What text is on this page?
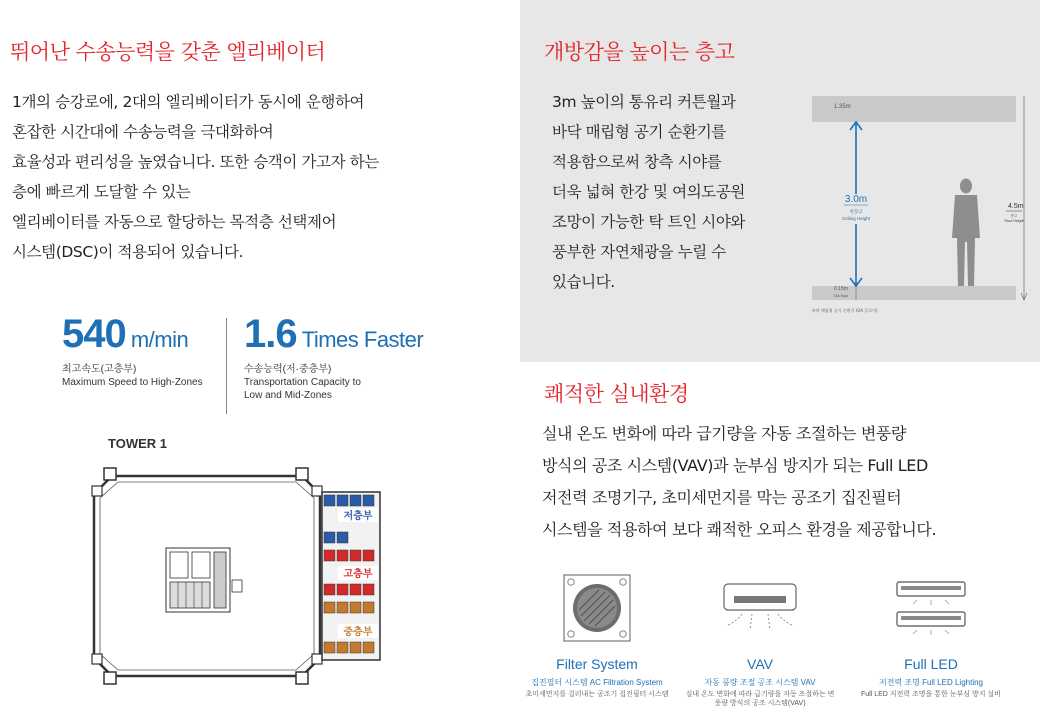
뛰어난 수송능력을 갖춘 엘리베이터
1개의 승강로에, 2대의 엘리베이터가 동시에 운행하여
혼잡한 시간대에 수송능력을 극대화하여
효율성과 편리성을 높였습니다. 또한 승객이 가고자 하는
층에 빠르게 도달할 수 있는
엘리베이터를 자동으로 할당하는 목적층 선택제어
시스템(DSC)이 적용되어 있습니다.
540 m/min
최고속도(고층부)
Maximum Speed to High-Zones
1.6 Times Faster
수송능력(저·중층부)
Transportation Capacity to
Low and Mid-Zones
TOWER 1
저층부
고층부
중층부
개방감을 높이는 층고
3m 높이의 통유리 커튼월과
바닥 매립형 공기 순환기를
적용함으로써 창측 시야를
더욱 넓혀 한강 및 여의도공원
조망이 가능한 탁 트인 시야와
풍부한 자연채광을 누릴 수
있습니다.
1.35m
3.0m
천장고
Ceiling Height
4.5m
층고
Floor Height
0.15m
OA floor
바닥 매립형 공기 순환기 (OA 플로어)
쾌적한 실내환경
실내 온도 변화에 따라 급기량을 자동 조절하는 변풍량
방식의 공조 시스템(VAV)과 눈부심 방지가 되는 Full LED
저전력 조명기구, 초미세먼지를 막는 공조기 집진필터
시스템을 적용하여 보다 쾌적한 오피스 환경을 제공합니다.
Filter System
집진필터 시스템 AC Filtration System
초미세먼지를 걸러내는 공조기 집진필터 시스템
VAV
자동 풍량 조절 공조 시스템 VAV
실내 온도 변화에 따라 급기량을 자동 조절하는 변풍량 방식의 공조 시스템(VAV)
Full LED
저전력 조명 Full LED Lighting
Full LED 저전력 조명을 통한 눈부심 방지 설비
